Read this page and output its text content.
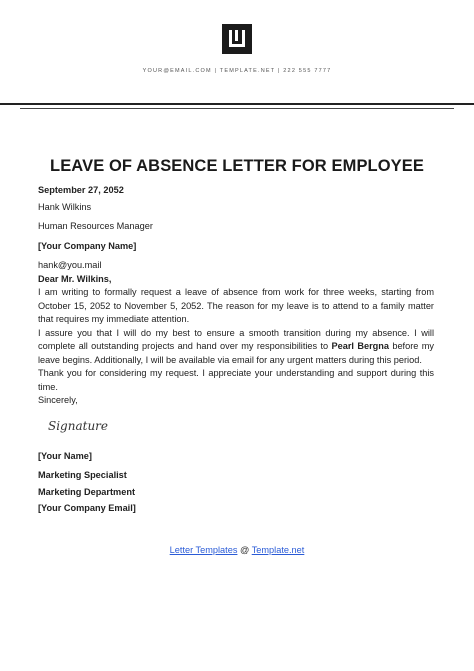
YOUR@EMAIL.COM | TEMPLATE.NET | 222 555 7777
LEAVE OF ABSENCE LETTER FOR EMPLOYEE

September 27, 2052

Hank Wilkins

Human Resources Manager

[Your Company Name]

hank@you.mail

Dear Mr. Wilkins,

I am writing to formally request a leave of absence from work for three weeks, starting from October 15, 2052 to November 5, 2052. The reason for my leave is to attend to a family matter that requires my immediate attention.

I assure you that I will do my best to ensure a smooth transition during my absence. I will complete all outstanding projects and hand over my responsibilities to Pearl Bergna before my leave begins. Additionally, I will be available via email for any urgent matters during this period.

Thank you for considering my request. I appreciate your understanding and support during this time.

Sincerely,

Signature

[Your Name]

Marketing Specialist

Marketing Department

[Your Company Email]

Letter Templates @ Template.net
